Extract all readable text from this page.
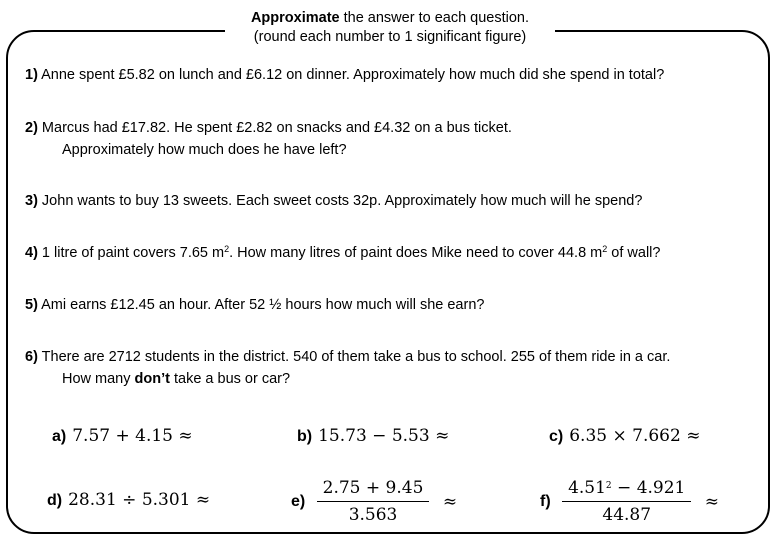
Approximate the answer to each question.
(round each number to 1 significant figure)
1) Anne spent £5.82 on lunch and £6.12 on dinner. Approximately how much did she spend in total?
2) Marcus had £17.82. He spent £2.82 on snacks and £4.32 on a bus ticket.
Approximately how much does he have left?
3) John wants to buy 13 sweets. Each sweet costs 32p. Approximately how much will he spend?
4) 1 litre of paint covers 7.65 $m^2$. How many litres of paint does Mike need to cover 44.8 $m^2$ of wall?
5) Ami earns £12.45 an hour. After 52 ½ hours how much will she earn?
6) There are 2712 students in the district. 540 of them take a bus to school. 255 of them ride in a car.
How many don’t take a bus or car?
a) 7.57 + 4.15 ≈	b) 15.73 − 5.53 ≈	c) 6.35 × 7.662 ≈
d) 28.31 ÷ 5.301 ≈	$e) \frac{2.75 + 9.45}{3.563}$ ≈	$f) \frac{4.51^2 - 4.921}{44.87}$ ≈
